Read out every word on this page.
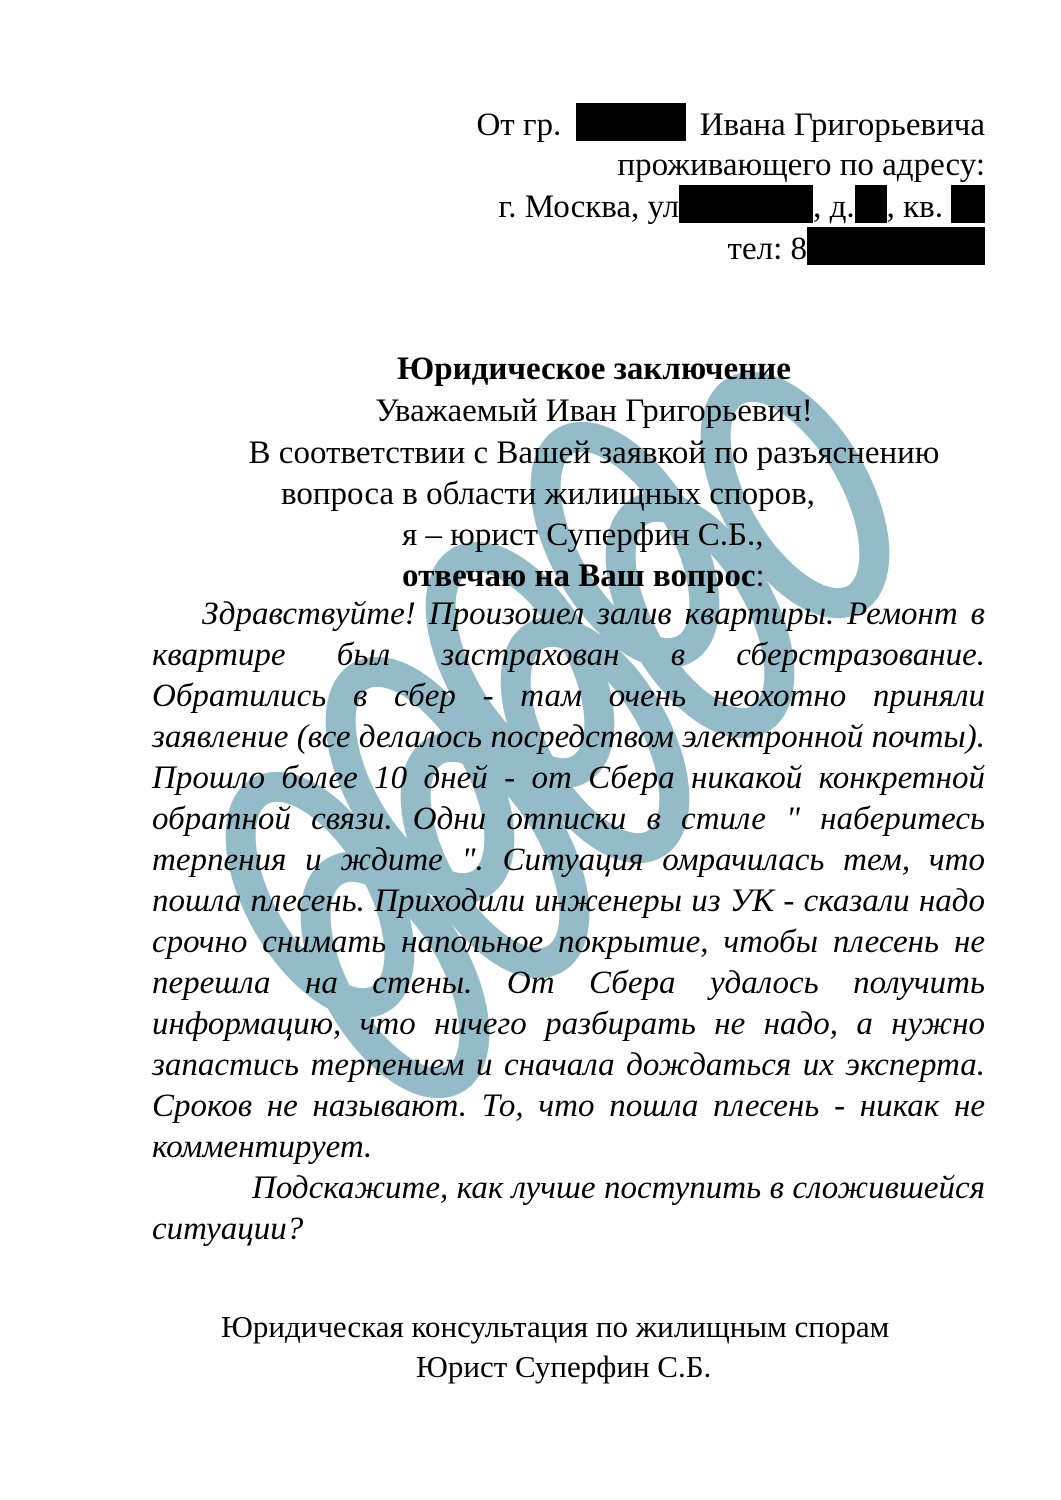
От гр.	Ивана Григорьевича
проживающего по адресу:
г. Москва, ул	, д. , кв.
тел: 8
Юридическое заключение
Уважаемый Иван Григорьевич!
В соответствии с Вашей заявкой по разъяснению
вопроса в области жилищных споров,
я – юрист Суперфин С.Б.,
отвечаю на Ваш вопрос:

Здравствуйте! Произошел залив квартиры. Ремонт в квартире был застрахован в сберстразование. Обратились в сбер - там очень неохотно приняли заявление (все делалось посредством электронной почты). Прошло более 10 дней - от Сбера никакой конкретной обратной связи. Одни отписки в стиле " наберитесь терпения и ждите ". Ситуация омрачилась тем, что пошла плесень. Приходили инженеры из УК - сказали надо срочно снимать напольное покрытие, чтобы плесень не перешла на стены. От Сбера удалось получить информацию, что ничего разбирать не надо, а нужно запастись терпением и сначала дождаться их эксперта. Сроков не называют. То, что пошла плесень - никак не комментирует.

Подскажите, как лучше поступить в сложившейся ситуации?

Юридическая консультация по жилищным спорам
Юрист Суперфин С.Б.
